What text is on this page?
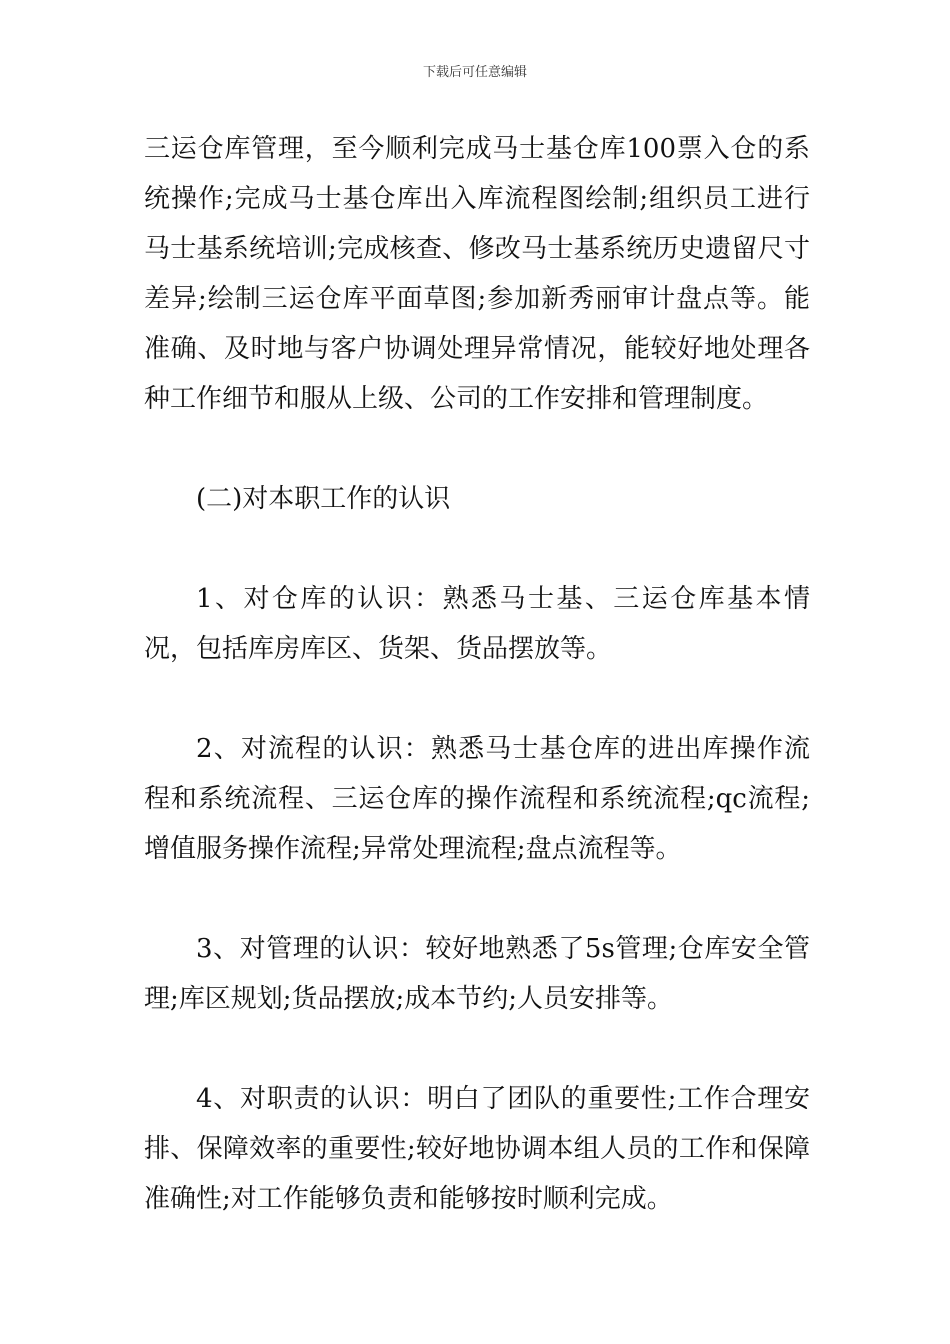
下载后可任意编辑

三运仓库管理，至今顺利完成马士基仓库100票入仓的系统操作;完成马士基仓库出入库流程图绘制;组织员工进行马士基系统培训;完成核查、修改马士基系统历史遗留尺寸差异;绘制三运仓库平面草图;参加新秀丽审计盘点等。能准确、及时地与客户协调处理异常情况，能较好地处理各种工作细节和服从上级、公司的工作安排和管理制度。

(二)对本职工作的认识

1、对仓库的认识：熟悉马士基、三运仓库基本情况，包括库房库区、货架、货品摆放等。

2、对流程的认识：熟悉马士基仓库的进出库操作流程和系统流程、三运仓库的操作流程和系统流程;qc流程;增值服务操作流程;异常处理流程;盘点流程等。

3、对管理的认识：较好地熟悉了5s管理;仓库安全管理;库区规划;货品摆放;成本节约;人员安排等。

4、对职责的认识：明白了团队的重要性;工作合理安排、保障效率的重要性;较好地协调本组人员的工作和保障准确性;对工作能够负责和能够按时顺利完成。
